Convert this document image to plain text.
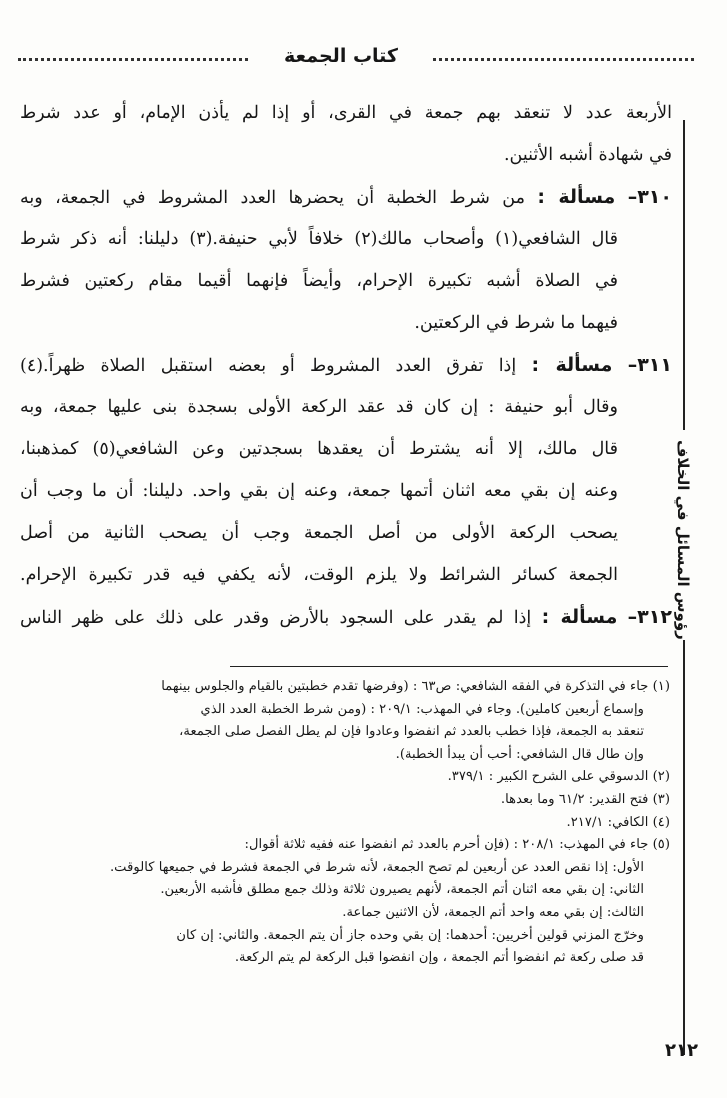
كتاب الجمعة
رؤوس المسائل في الخلاف
الأربعة عدد لا تنعقد بهم جمعة في القرى، أو إذا لم يأذن الإمام، أو عدد شرط
في شهادة أشبه الأثنين.
٣١٠– مسألة : من شرط الخطبة أن يحضرها العدد المشروط في الجمعة، وبه
قال الشافعي(١) وأصحاب مالك(٢) خلافاً لأبي حنيفة.(٣) دليلنا: أنه ذكر شرط
في الصلاة أشبه تكبيرة الإحرام، وأيضاً فإنهما أقيما مقام ركعتين فشرط
فيهما ما شرط في الركعتين.
٣١١– مسألة : إذا تفرق العدد المشروط أو بعضه استقبل الصلاة ظهراً.(٤)
وقال أبو حنيفة : إن كان قد عقد الركعة الأولى بسجدة بنى عليها جمعة، وبه
قال مالك، إلا أنه يشترط أن يعقدها بسجدتين وعن الشافعي(٥) كمذهبنا،
وعنه إن بقي معه اثنان أتمها جمعة، وعنه إن بقي واحد. دليلنا: أن ما وجب أن
يصحب الركعة الأولى من أصل الجمعة وجب أن يصحب الثانية من أصل
الجمعة كسائر الشرائط ولا يلزم الوقت، لأنه يكفي فيه قدر تكبيرة الإحرام.
٣١٢– مسألة : إذا لم يقدر على السجود بالأرض وقدر على ذلك على ظهر الناس
(١) جاء في التذكرة في الفقه الشافعي: ص٦٣ : (وفرضها تقدم خطبتين بالقيام والجلوس بينهما
وإسماع أربعين كاملين). وجاء في المهذب: ٢٠٩/١ : (ومن شرط الخطبة العدد الذي
تنعقد به الجمعة، فإذا خطب بالعدد ثم انفضوا وعادوا فإن لم يطل الفصل صلى الجمعة،
وإن طال قال الشافعي: أحب أن يبدأ الخطبة).
(٢) الدسوقي على الشرح الكبير : ٣٧٩/١.
(٣) فتح القدير: ٦١/٢ وما بعدها.
(٤) الكافي: ٢١٧/١.
(٥) جاء في المهذب: ٢٠٨/١ : (فإن أحرم بالعدد ثم انفضوا عنه ففيه ثلاثة أقوال:
الأول: إذا نقص العدد عن أربعين لم تصح الجمعة، لأنه شرط في الجمعة فشرط في جميعها كالوقت.
الثاني: إن بقي معه اثنان أتم الجمعة، لأنهم يصيرون ثلاثة وذلك جمع مطلق فأشبه الأربعين.
الثالث: إن بقي معه واحد أتم الجمعة، لأن الاثنين جماعة.
وخرّج المزني قولين أخريين: أحدهما: إن بقي وحده جاز أن يتم الجمعة. والثاني: إن كان
قد صلى ركعة ثم انفضوا أتم الجمعة ، وإن انفضوا قبل الركعة لم يتم الركعة.
٢١٢
